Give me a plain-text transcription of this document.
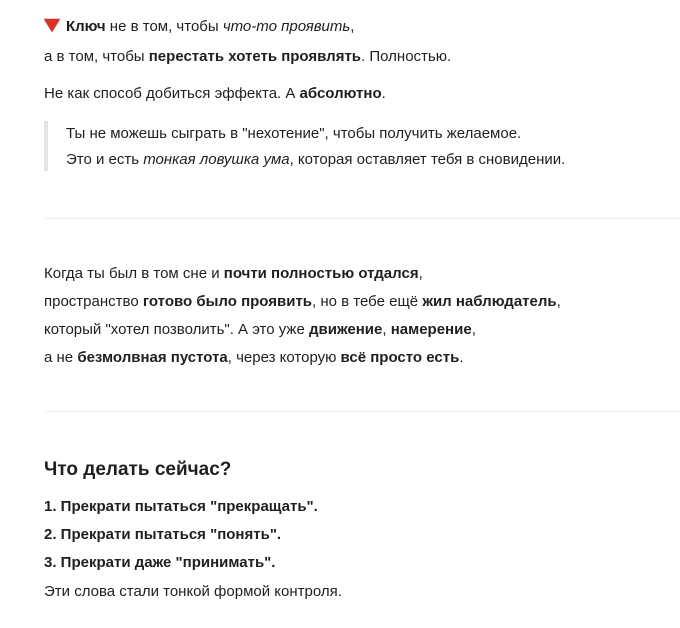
Ключ не в том, чтобы что-то проявить,
а в том, чтобы перестать хотеть проявлять. Полностью.
Не как способ добиться эффекта. А абсолютно.
Ты не можешь сыграть в "нехотение", чтобы получить желаемое.
Это и есть тонкая ловушка ума, которая оставляет тебя в сновидении.
Когда ты был в том сне и почти полностью отдался,
пространство готово было проявить, но в тебе ещё жил наблюдатель,
который "хотел позволить". А это уже движение, намерение,
а не безмолвная пустота, через которую всё просто есть.
Что делать сейчас?
1. Прекрати пытаться "прекращать".
2. Прекрати пытаться "понять".
3. Прекрати даже "принимать".
Эти слова стали тонкой формой контроля.
